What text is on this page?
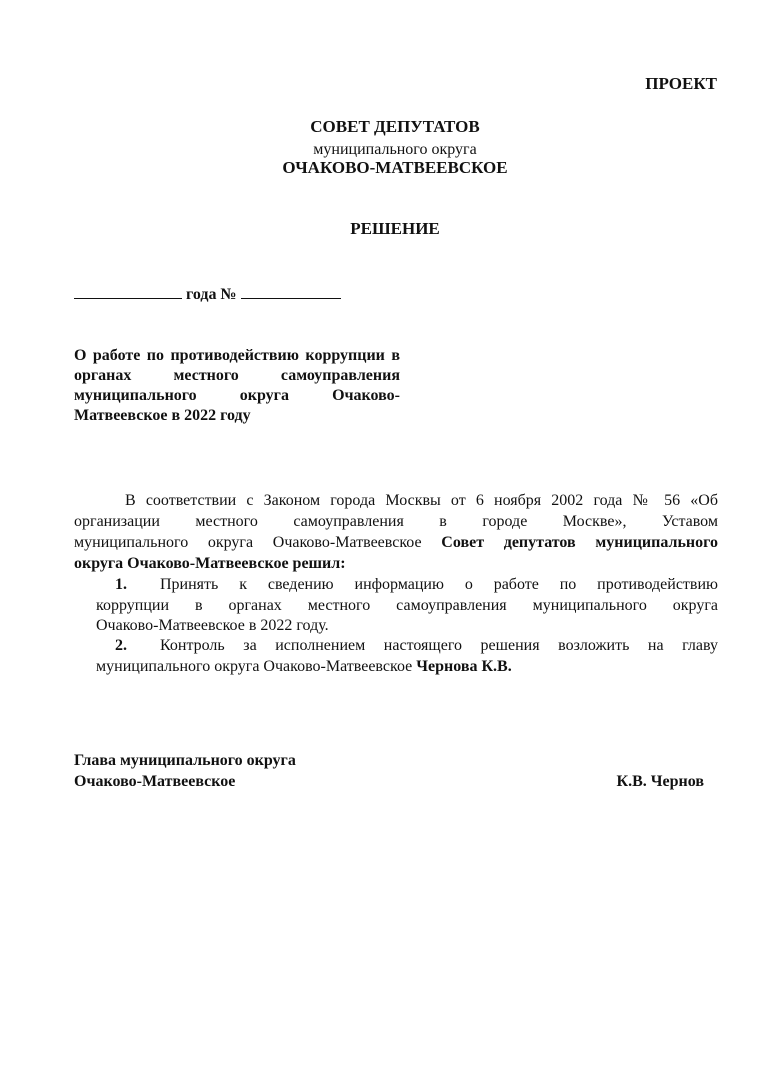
ПРОЕКТ
СОВЕТ ДЕПУТАТОВ
муниципального округа
ОЧАКОВО-МАТВЕЕВСКОЕ
РЕШЕНИЕ
года №
О работе по противодействию коррупции в органах местного самоуправления муниципального округа Очаково-Матвеевское в 2022 году
В соответствии с Законом города Москвы от 6 ноября 2002 года № 56 «Об
организации местного самоуправления в городе Москве», Уставом
муниципального округа Очаково-Матвеевское Совет депутатов муниципального
округа Очаково-Матвеевское решил:
1. Принять к сведению информацию о работе по противодействию
коррупции в органах местного самоуправления муниципального округа
Очаково-Матвеевское в 2022 году.
2. Контроль за исполнением настоящего решения возложить на главу
муниципального округа Очаково-Матвеевское Чернова К.В.
Глава муниципального округа
Очаково-Матвеевское	К.В. Чернов
